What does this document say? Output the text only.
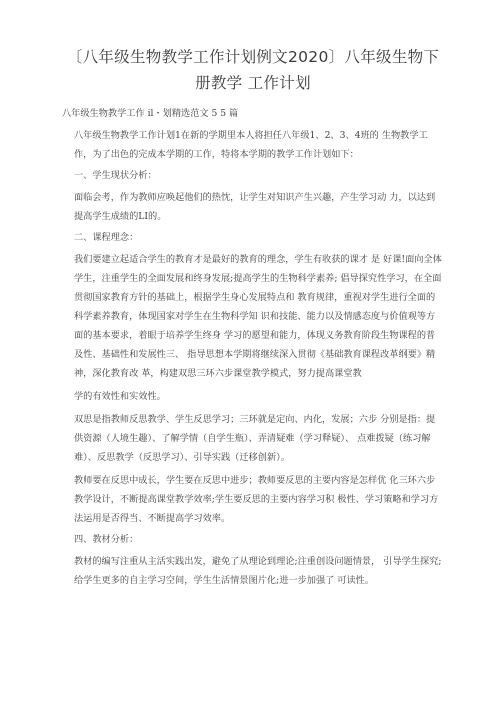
〔八年级生物教学工作计划例文2020〕八年级生物下册教学 工作计划
八年级生物教学工作 il・划精选范文 5 5 篇
八年级生物教学工作计划1在新的学期里本人将担任八年级1、2、3、4班的 生物教学工作，为了出色的完成本学期的工作，特将本学期的教学工作计划如下：
一、学生现状分析：
面临会考，作为教师应唤起他们的热忱，让学生对知识产生兴趣，产生学习动 力，以达到提高学生成绩的LI的。
二、课程理念：
我们要建立起适合学生的教育才是最好的教育的理念，学生有收获的课才 是 好课!面向全体学生，注重学生的全面发展和终身发展;提高学生的生物科学素养; 倡导探究性学习，在全面贯彻国家教育方针的基础上，根据学生身心发展特点和 教育规律，重视对学生进行全面的科学素养教育，体现国家对学生在生物科学知 识和技能、能力以及情感态度与价值观等方面的基本要求，着眼于培养学生终身 学习的愿望和能力，体现义务教育阶段生物课程的普及性、基础性和发展性三、 指导思想本学期将继续深入贯彻《基础教育课程改革纲要》精神，深化教育改 革，构建双思三环六步课堂教学模式，努力提高课堂教
学的有效性和实效性。
双思是指教师反思教学、学生反思学习；三环就是定向、内化，发展；六步 分别是指：提供资源（人境生趣）、了解学情（自学生瓶）、弄清疑难（学习释疑）、 点难拨疑（练习解难）、反思教学（反思学习）、引导实践（迁移创新）。
教师要在反思中成长，学生要在反思中进步；教师要反思的主要内容是怎样优 化三环六步教学设计，不断提高课堂教学效率;学生要反思的主要内容学习积 极性、学习策略和学习方法运用是否得当、不断提高学习效率。
四、教材分析：
教材的编写注重从主活实践出发，避免了从理论到理论;注重创设问题情景， 引导学生探究;给学生更多的自主学习空间，学生生活情景图片化;进一步加强了 可读性。
